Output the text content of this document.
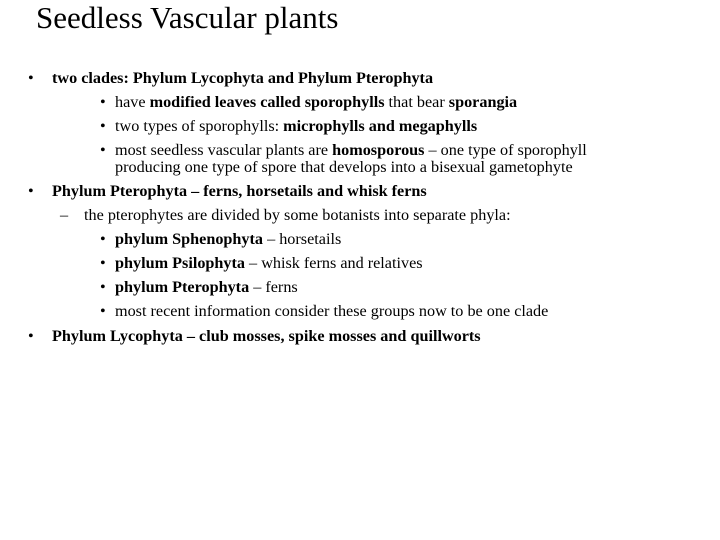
Seedless Vascular plants
• two clades: Phylum Lycophyta and Phylum Pterophyta
• have modified leaves called sporophylls that bear sporangia
• two types of sporophylls: microphylls and megaphylls
• most seedless vascular plants are homosporous – one type of sporophyll producing one type of spore that develops into a bisexual gametophyte
• Phylum Pterophyta – ferns, horsetails and whisk ferns
– the pterophytes are divided by some botanists into separate phyla:
• phylum Sphenophyta – horsetails
• phylum Psilophyta – whisk ferns and relatives
• phylum Pterophyta – ferns
• most recent information consider these groups now to be one clade
• Phylum Lycophyta – club mosses, spike mosses and quillworts
